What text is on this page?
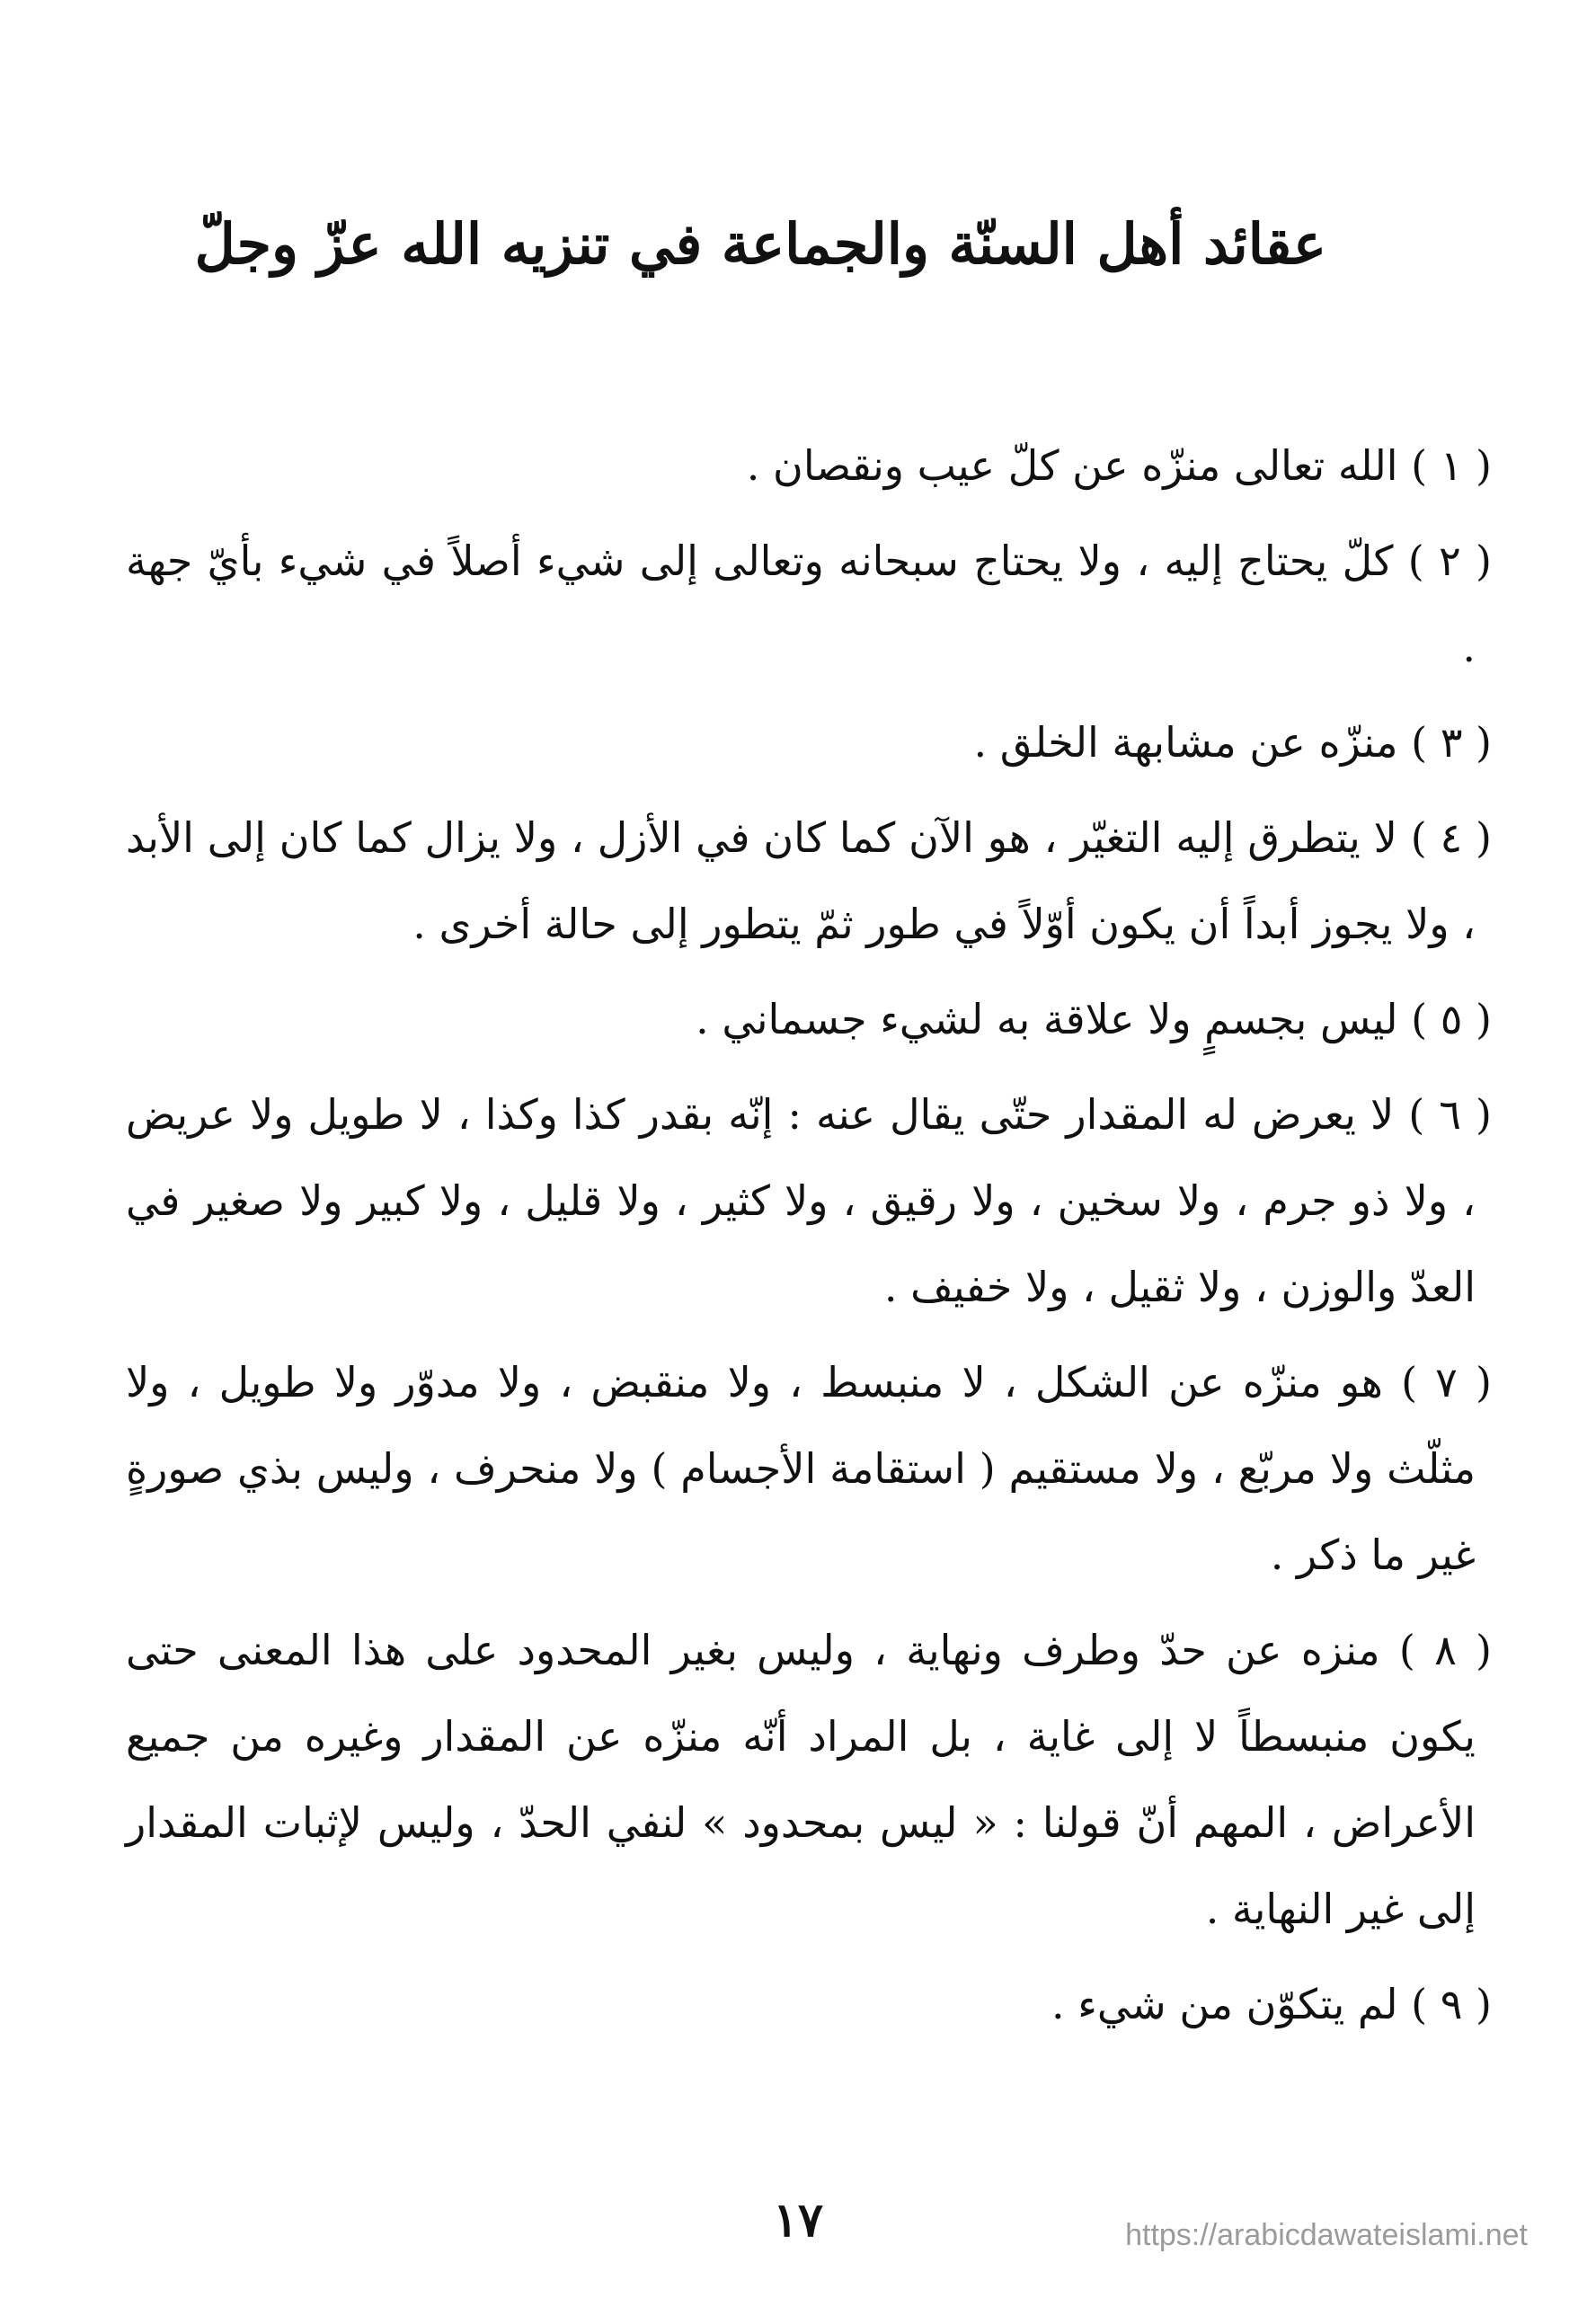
عقائد أهل السنّة والجماعة في تنزيه الله عزّ وجلّ

( ١ ) الله تعالى منزّه عن كلّ عيب ونقصان .

( ٢ ) كلّ يحتاج إليه ، ولا يحتاج سبحانه وتعالى إلى شيء أصلاً في شيء بأيّ جهة .

( ٣ ) منزّه عن مشابهة الخلق .

( ٤ ) لا يتطرق إليه التغيّر ، هو الآن كما كان في الأزل ، ولا يزال كما كان إلى الأبد ، ولا يجوز أبداً أن يكون أوّلاً في طور ثمّ يتطور إلى حالة أخرى .

( ٥ ) ليس بجسمٍ ولا علاقة به لشيء جسماني .

( ٦ ) لا يعرض له المقدار حتّى يقال عنه : إنّه بقدر كذا وكذا ، لا طويل ولا عريض ، ولا ذو جرم ، ولا سخين ، ولا رقيق ، ولا كثير ، ولا قليل ، ولا كبير ولا صغير في العدّ والوزن ، ولا ثقيل ، ولا خفيف .

( ٧ ) هو منزّه عن الشكل ، لا منبسط ، ولا منقبض ، ولا مدوّر ولا طويل ، ولا مثلّث ولا مربّع ، ولا مستقيم ( استقامة الأجسام ) ولا منحرف ، وليس بذي صورةٍ غير ما ذكر .

( ٨ ) منزه عن حدّ وطرف ونهاية ، وليس بغير المحدود على هذا المعنى حتى يكون منبسطاً لا إلى غاية ، بل المراد أنّه منزّه عن المقدار وغيره من جميع الأعراض ، المهم أنّ قولنا : « ليس بمحدود » لنفي الحدّ ، وليس لإثبات المقدار إلى غير النهاية .

( ٩ ) لم يتكوّن من شيء .

١٧	https://arabicdawateislami.net
